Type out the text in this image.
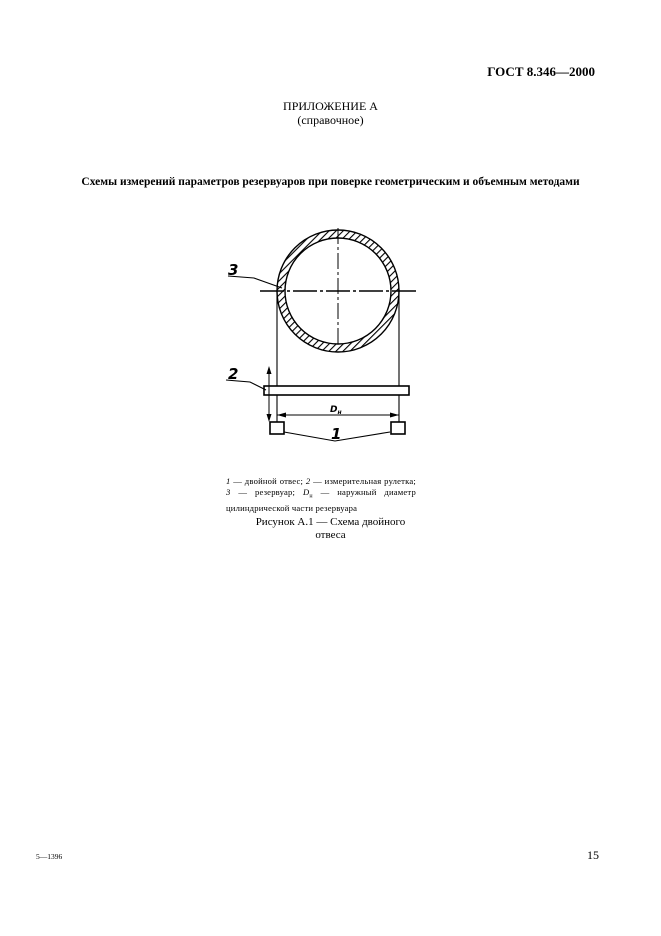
ГОСТ 8.346—2000
ПРИЛОЖЕНИЕ А
(справочное)
Схемы измерений параметров резервуаров при поверке геометрическим и объемным методами
$D_н$
3
2
1
1 — двойной отвес; 2 — измерительная рулетка; 3 — резервуар; $D_н$ — наружный диаметр цилиндрической части резервуара
Рисунок А.1 — Схема двойного
отвеса
5—1396	15
